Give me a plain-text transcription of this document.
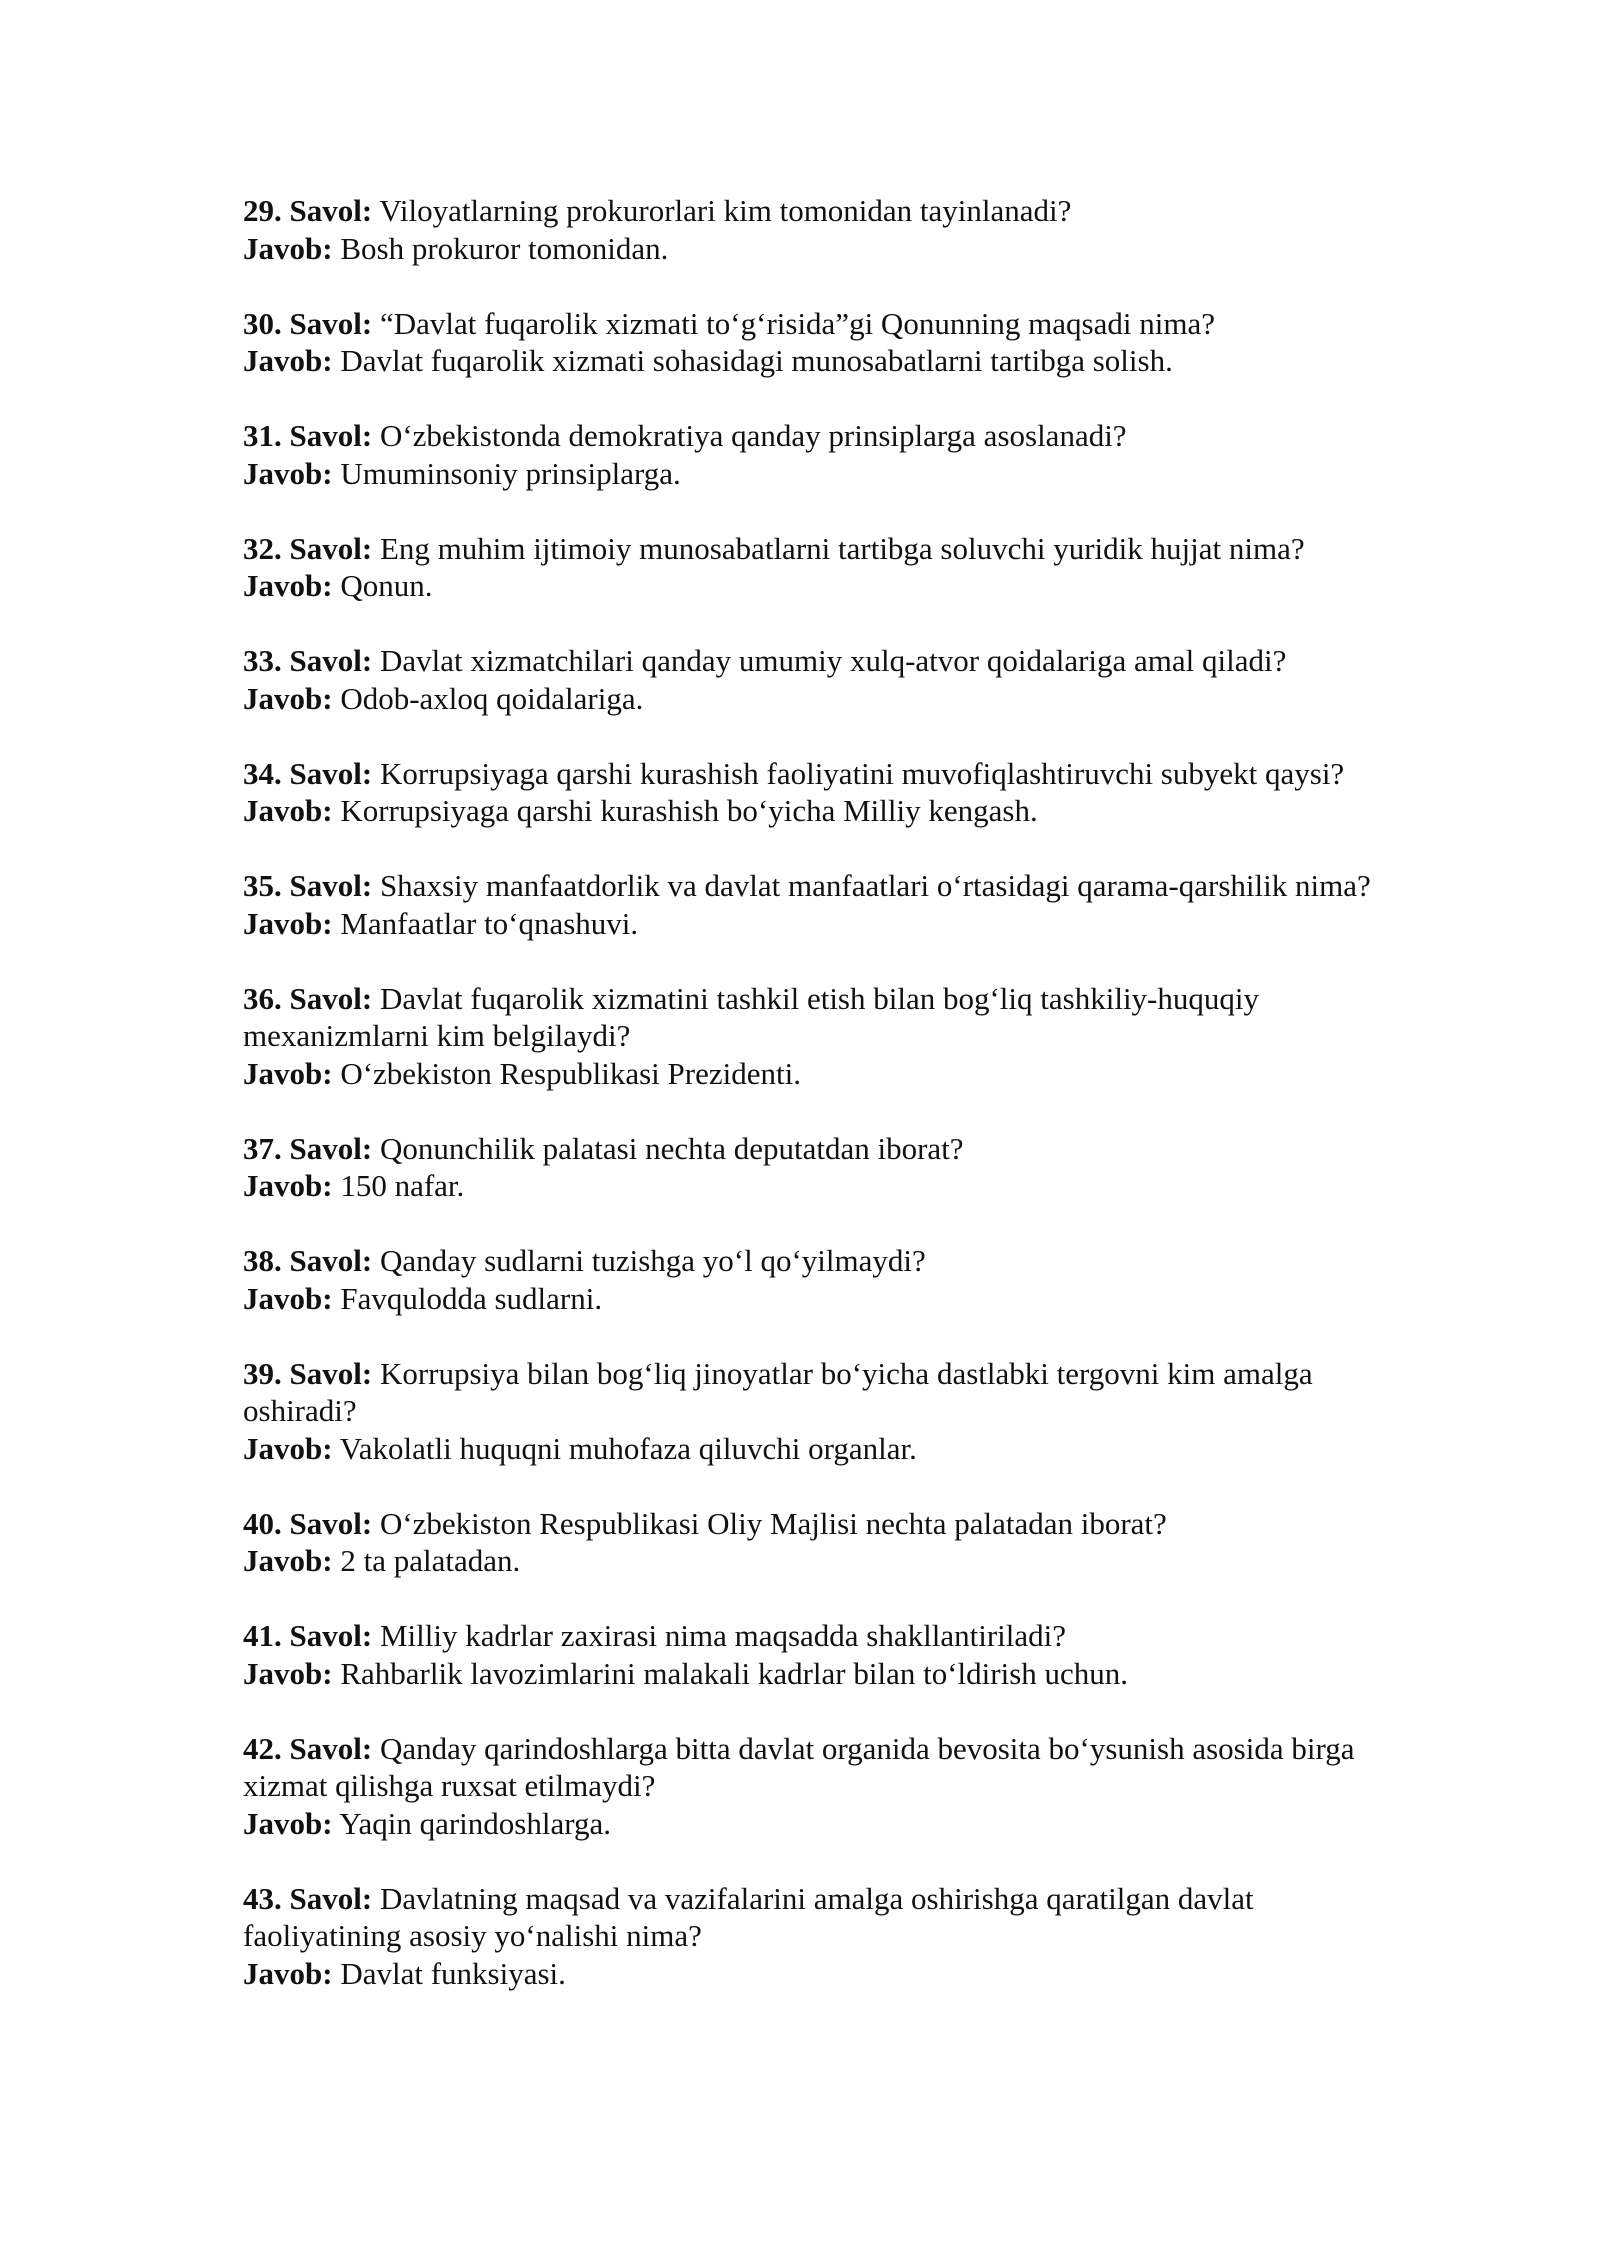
29. Savol: Viloyatlarning prokurorlari kim tomonidan tayinlanadi?
Javob: Bosh prokuror tomonidan.
30. Savol: “Davlat fuqarolik xizmati to‘g‘risida”gi Qonunning maqsadi nima?
Javob: Davlat fuqarolik xizmati sohasidagi munosabatlarni tartibga solish.
31. Savol: O‘zbekistonda demokratiya qanday prinsiplarga asoslanadi?
Javob: Umuminsoniy prinsiplarga.
32. Savol: Eng muhim ijtimoiy munosabatlarni tartibga soluvchi yuridik hujjat nima?
Javob: Qonun.
33. Savol: Davlat xizmatchilari qanday umumiy xulq-atvor qoidalariga amal qiladi?
Javob: Odob-axloq qoidalariga.
34. Savol: Korrupsiyaga qarshi kurashish faoliyatini muvofiqlashtiruvchi subyekt qaysi?
Javob: Korrupsiyaga qarshi kurashish bo‘yicha Milliy kengash.
35. Savol: Shaxsiy manfaatdorlik va davlat manfaatlari o‘rtasidagi qarama-qarshilik nima?
Javob: Manfaatlar to‘qnashuvi.
36. Savol: Davlat fuqarolik xizmatini tashkil etish bilan bog‘liq tashkiliy-huquqiy mexanizmlarni kim belgilaydi?
Javob: O‘zbekiston Respublikasi Prezidenti.
37. Savol: Qonunchilik palatasi nechta deputatdan iborat?
Javob: 150 nafar.
38. Savol: Qanday sudlarni tuzishga yo‘l qo‘yilmaydi?
Javob: Favqulodda sudlarni.
39. Savol: Korrupsiya bilan bog‘liq jinoyatlar bo‘yicha dastlabki tergovni kim amalga oshiradi?
Javob: Vakolatli huquqni muhofaza qiluvchi organlar.
40. Savol: O‘zbekiston Respublikasi Oliy Majlisi nechta palatadan iborat?
Javob: 2 ta palatadan.
41. Savol: Milliy kadrlar zaxirasi nima maqsadda shakllantiriladi?
Javob: Rahbarlik lavozimlarini malakali kadrlar bilan to‘ldirish uchun.
42. Savol: Qanday qarindoshlarga bitta davlat organida bevosita bo‘ysunish asosida birga xizmat qilishga ruxsat etilmaydi?
Javob: Yaqin qarindoshlarga.
43. Savol: Davlatning maqsad va vazifalarini amalga oshirishga qaratilgan davlat faoliyatining asosiy yo‘nalishi nima?
Javob: Davlat funksiyasi.
